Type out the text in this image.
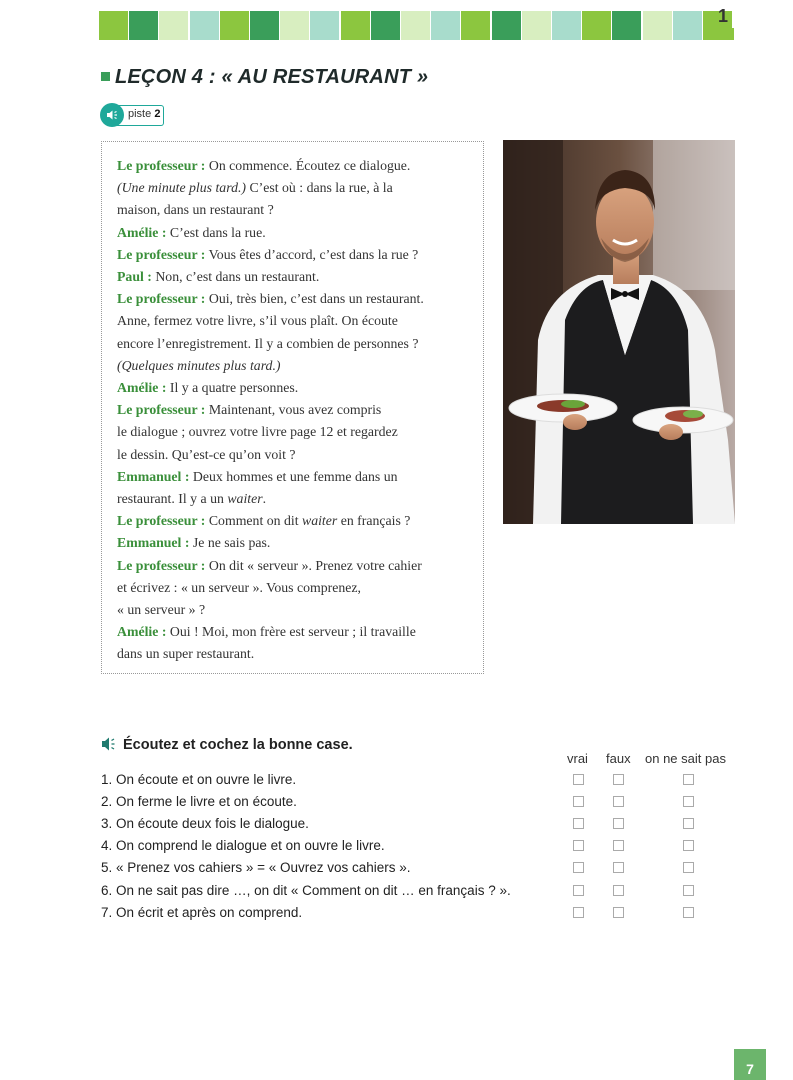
1
LEÇON 4 : « AU RESTAURANT »
piste 2
Le professeur : On commence. Écoutez ce dialogue.
(Une minute plus tard.) C’est où : dans la rue, à la
maison, dans un restaurant ?
Amélie : C’est dans la rue.
Le professeur : Vous êtes d’accord, c’est dans la rue ?
Paul : Non, c’est dans un restaurant.
Le professeur : Oui, très bien, c’est dans un restaurant.
Anne, fermez votre livre, s’il vous plaît. On écoute
encore l’enregistrement. Il y a combien de personnes ?
(Quelques minutes plus tard.)
Amélie : Il y a quatre personnes.
Le professeur : Maintenant, vous avez compris
le dialogue ; ouvrez votre livre page 12 et regardez
le dessin. Qu’est-ce qu’on voit ?
Emmanuel : Deux hommes et une femme dans un
restaurant. Il y a un waiter.
Le professeur : Comment on dit waiter en français ?
Emmanuel : Je ne sais pas.
Le professeur : On dit « serveur ». Prenez votre cahier
et écrivez : « un serveur ». Vous comprenez,
« un serveur » ?
Amélie : Oui ! Moi, mon frère est serveur ; il travaille
dans un super restaurant.
Écoutez et cochez la bonne case.
vrai faux on ne sait pas
1. On écoute et on ouvre le livre.
2. On ferme le livre et on écoute.
3. On écoute deux fois le dialogue.
4. On comprend le dialogue et on ouvre le livre.
5. « Prenez vos cahiers » = « Ouvrez vos cahiers ».
6. On ne sait pas dire …, on dit « Comment on dit … en français ? ».
7. On écrit et après on comprend.
7
